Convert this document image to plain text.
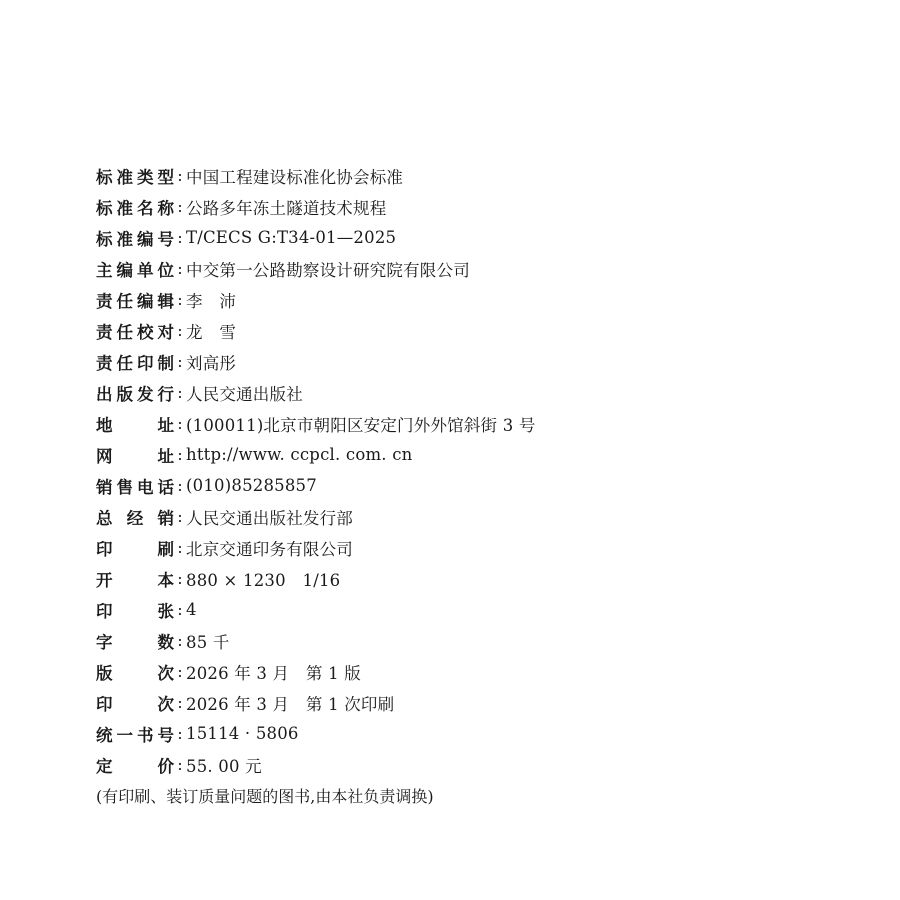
标 准 类 型 : 中国工程建设标准化协会标准
标 准 名 称 : 公路多年冻土隧道技术规程
标 准 编 号 : T/CECS G:T34-01—2025
主 编 单 位 : 中交第一公路勘察设计研究院有限公司
责 任 编 辑 : 李　沛
责 任 校 对 : 龙　雪
责 任 印 制 : 刘高彤
出 版 发 行 : 人民交通出版社
地	址 : (100011)北京市朝阳区安定门外外馆斜街 3 号
网	址 : http://www. ccpcl. com. cn
销 售 电 话 : (010)85285857
总 经 销 : 人民交通出版社发行部
印	刷 : 北京交通印务有限公司
开	本 : 880 × 1230　1/16
印	张 : 4
字	数 : 85 千
版	次 : 2026 年 3 月　第 1 版
印	次 : 2026 年 3 月　第 1 次印刷
统 一 书 号 : 15114 · 5806
定	价 : 55. 00 元
(有印刷、装订质量问题的图书,由本社负责调换)
